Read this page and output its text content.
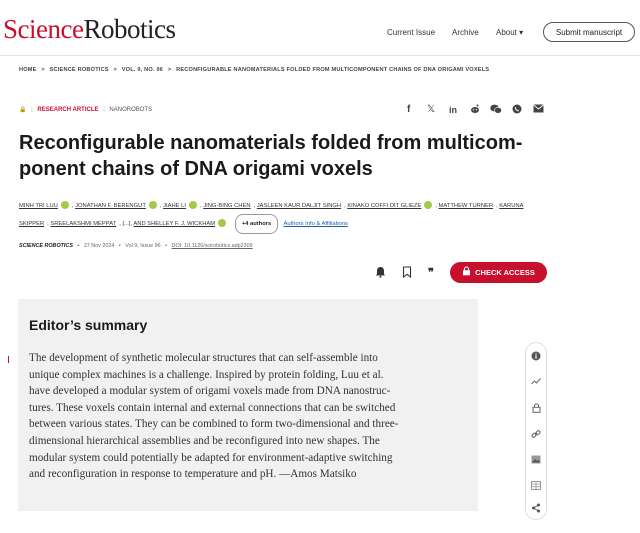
ScienceRobotics	Current Issue Archive About ▾	Submit manuscript
HOME > SCIENCE ROBOTICS > VOL. 9, NO. 96 > RECONFIGURABLE NANOMATERIALS FOLDED FROM MULTICOMPONENT CHAINS OF DNA ORIGAMI VOXELS
🔒 | RESEARCH ARTICLE | NANOROBOTS	f 𝕏 in
Reconfigurable nanomaterials folded from multicomponent chains of DNA origami voxels
MINH TRI LUU , JONATHAN F. BERENGUT , JIAHE LI , JING-BING CHEN , JASLEEN KAUR DALJIT SINGH , KINAKO COFFI DIT GLIEZE , MATTHEW TURNER , KARUNA SKIPPER , SREELAKSHMI MEPPAT , [...], AND SHELLEY F. J. WICKHAM	+4 authors Authors Info & Affiliations
SCIENCE ROBOTICS • 27 Nov 2024 • Vol 9, Issue 96 • DOI: 10.1126/scirobotics.adp2309
❞	CHECK ACCESS
Editor’s summary
The development of synthetic molecular structures that can self-assemble into
unique complex machines is a challenge. Inspired by protein folding, Luu et al.
have developed a modular system of origami voxels made from DNA nanostruc-
tures. These voxels contain internal and external connections that can be switched
between various states. They can be combined to form two-dimensional and three-
dimensional hierarchical assemblies and be reconfigured into new shapes. The
modular system could potentially be adapted for environment-adaptive switching
and reconfiguration in response to temperature and pH. —Amos Matsiko
